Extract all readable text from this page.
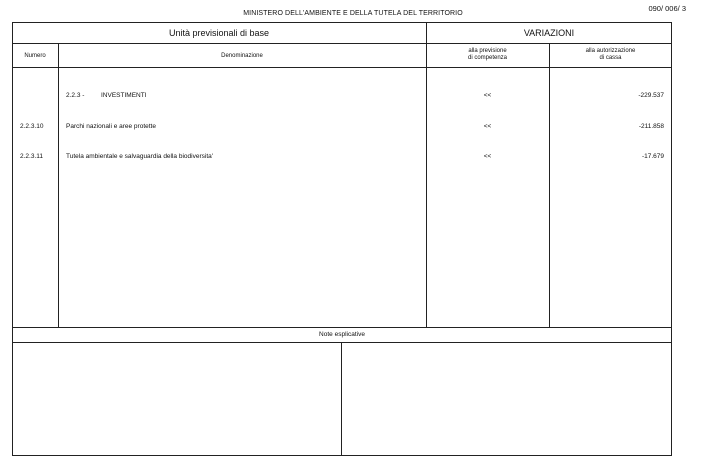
MINISTERO DELL'AMBIENTE E DELLA TUTELA DEL TERRITORIO
090/ 006/ 3
Unità previsionali di base	VARIAZIONI
Numero	Denominazione
alla previsione
di competenza
alla autorizzazione
di cassa
2.2.3 -	INVESTIMENTI	<<	-229.537
2.2.3.10	Parchi nazionali e aree protette	<<	-211.858
2.2.3.11	Tutela ambientale e salvaguardia della biodiversita'	<<	-17.679
Note esplicative
